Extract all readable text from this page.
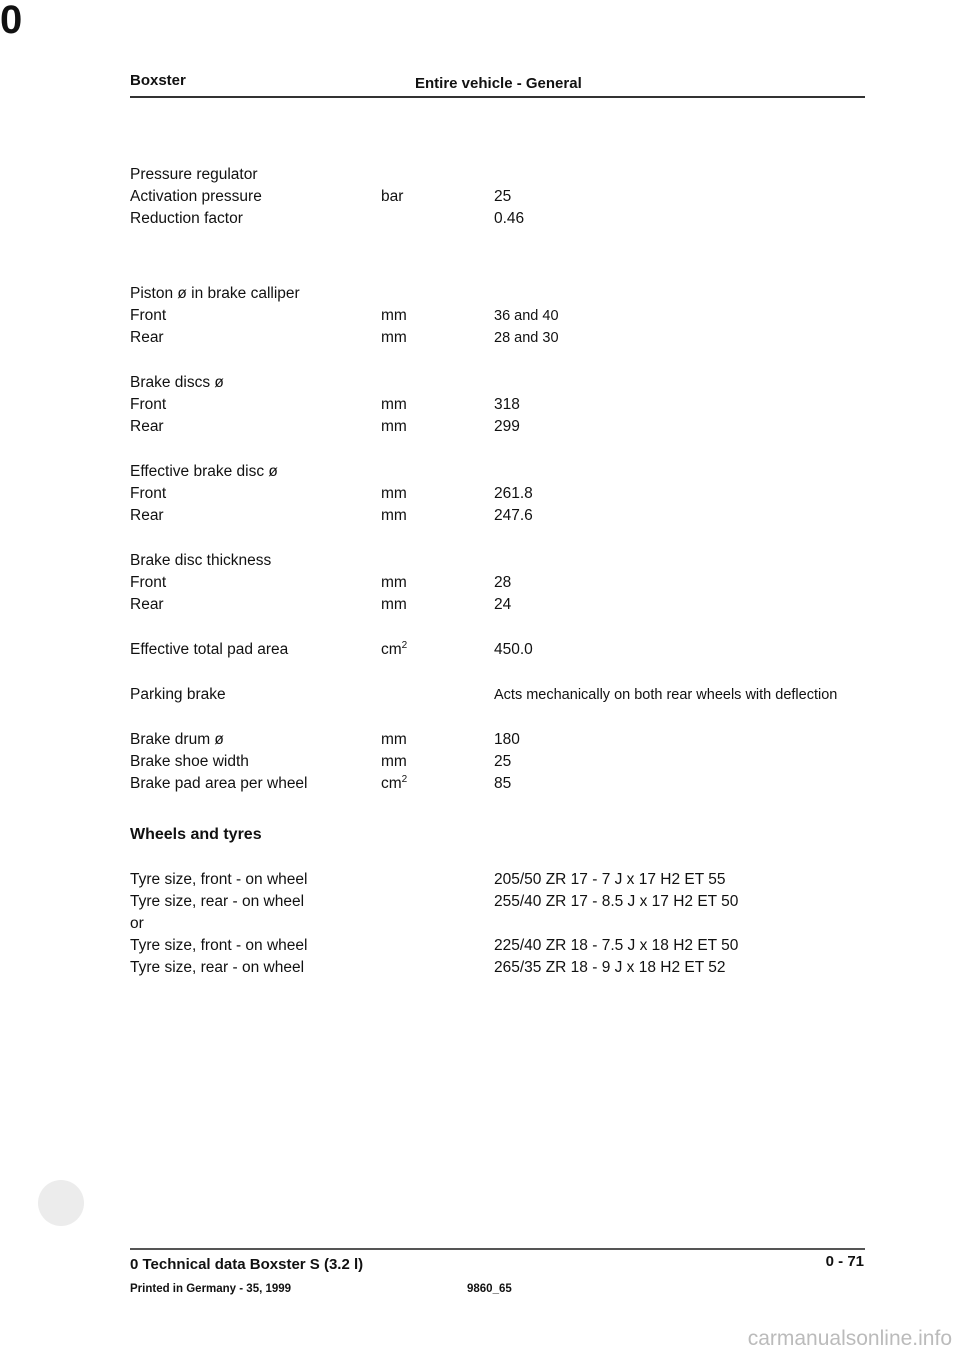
Boxster	Entire vehicle - General
0
Pressure regulator
Activation pressure	bar	25
Reduction factor	0.46
Piston ø in brake calliper
Front	mm	36 and 40
Rear	mm	28 and 30
Brake discs ø
Front	mm	318
Rear	mm	299
Effective brake disc ø
Front	mm	261.8
Rear	mm	247.6
Brake disc thickness
Front	mm	28
Rear	mm	24
Effective total pad area	$cm^2$	450.0
Parking brake	Acts mechanically on both rear wheels with deflection
Brake drum ø	mm	180
Brake shoe width	mm	25
Brake pad area per wheel	$cm^2$	85
Wheels and tyres
Tyre size, front - on wheel	205/50 ZR 17 - 7 J x 17 H2 ET 55
Tyre size, rear - on wheel	255/40 ZR 17 - 8.5 J x 17 H2 ET 50
or
Tyre size, front - on wheel	225/40 ZR 18 - 7.5 J x 18 H2 ET 50
Tyre size, rear - on wheel	265/35 ZR 18 - 9 J x 18 H2 ET 52
0 Technical data Boxster S (3.2 l)	0 - 71
Printed in Germany - 35, 1999	9860_65
carmanualsonline.info
